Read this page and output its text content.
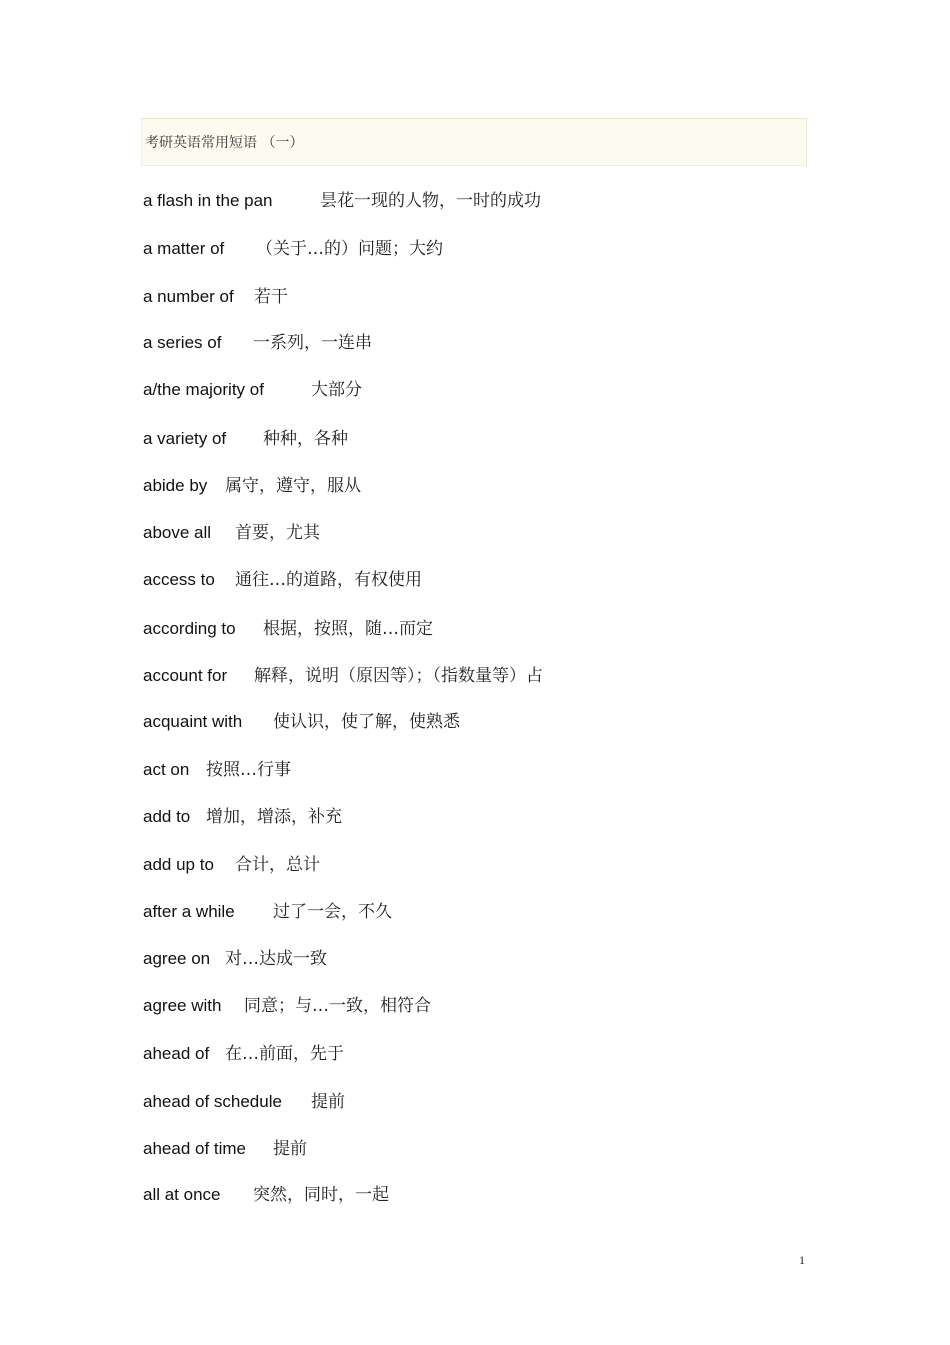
考研英语常用短语 （一）
a flash in the pan	昙花一现的人物，一时的成功
a matter of （关于…的）问题；大约
a number of 若干
a series of 一系列，一连串
a/the majority of	大部分
a variety of 种种，各种
abide by 属守，遵守，服从
above all 首要，尤其
access to 通往…的道路，有权使用
according to 根据，按照，随…而定
account for 解释，说明（原因等）；（指数量等）占
acquaint with 使认识，使了解，使熟悉
act on 按照…行事
add to 增加，增添，补充
add up to 合计，总计
after a while 过了一会，不久
agree on 对…达成一致
agree with 同意；与…一致，相符合
ahead of 在…前面，先于
ahead of schedule 提前
ahead of time 提前
all at once 突然，同时，一起
1
